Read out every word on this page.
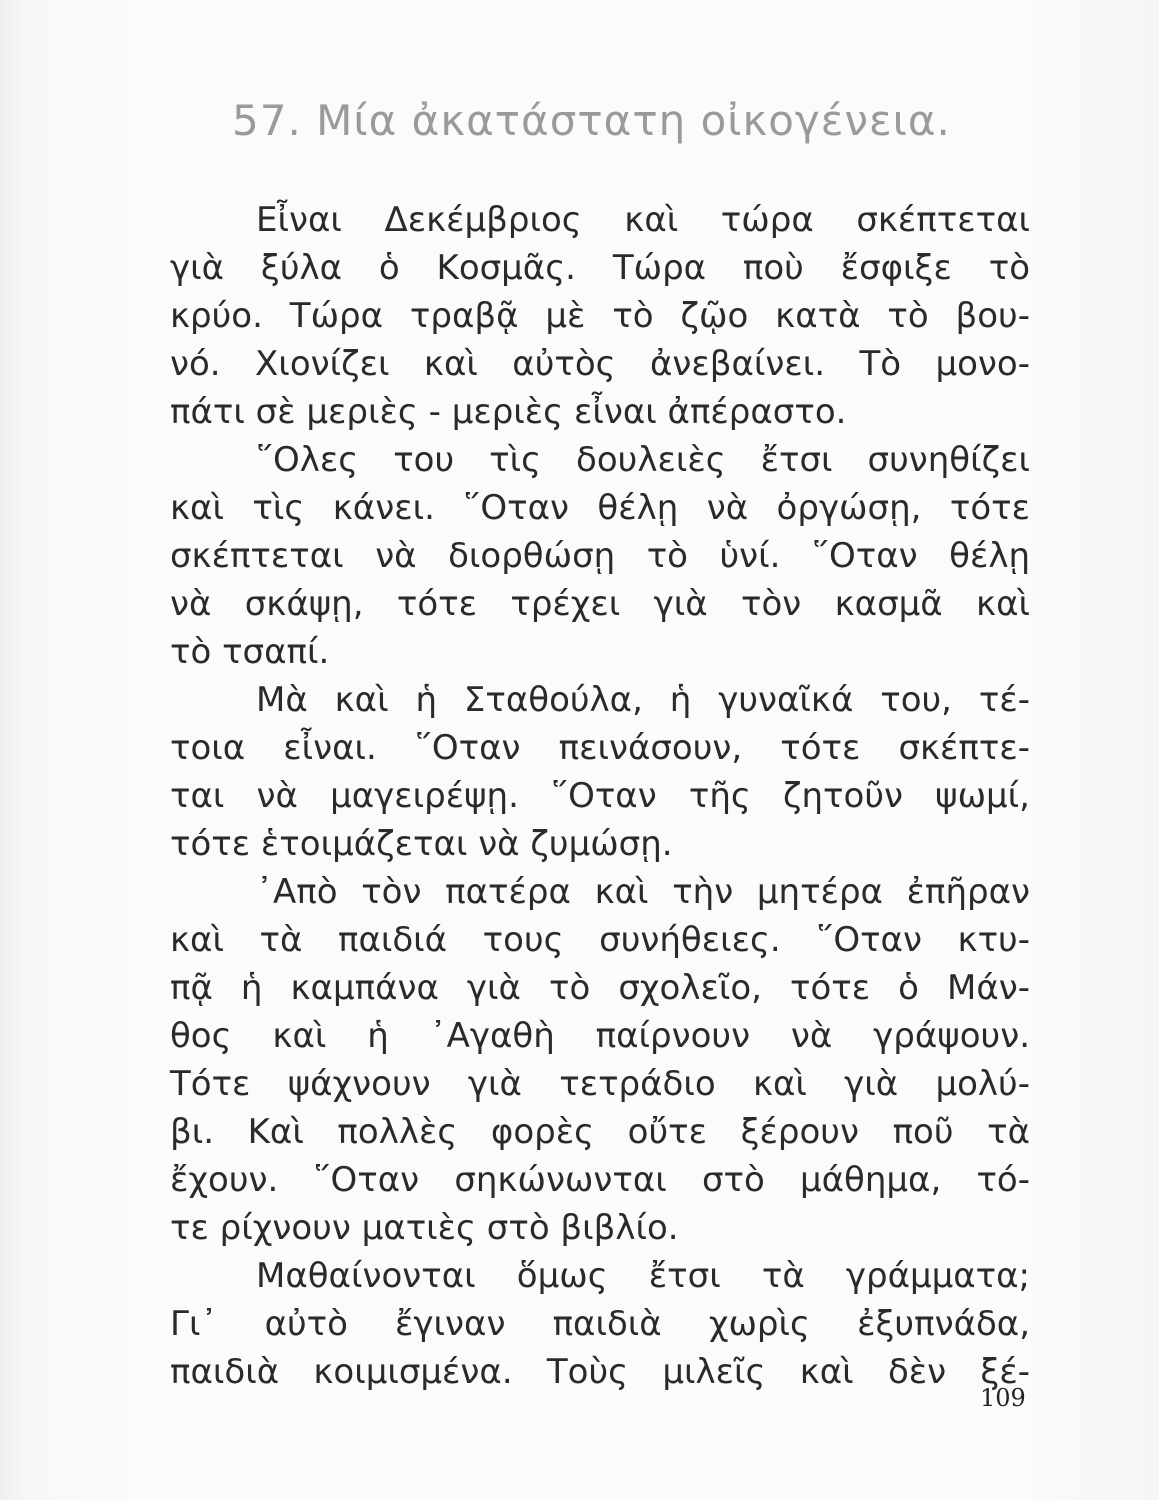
57. Μία ἀκατάστατη οἰκογένεια.

Εἶναι Δεκέμβριος καὶ τώρα σκέπτεται
γιὰ ξύλα ὁ Κοσμᾶς. Τώρα ποὺ ἔσφιξε τὸ
κρύο. Τώρα τραβᾷ μὲ τὸ ζῷο κατὰ τὸ βου-
νό. Χιονίζει καὶ αὐτὸς ἀνεβαίνει. Τὸ μονο-
πάτι σὲ μεριὲς - μεριὲς εἶναι ἀπέραστο.

῞Ολες του τὶς δουλειὲς ἔτσι συνηθίζει
καὶ τὶς κάνει. ῞Οταν θέλῃ νὰ ὀργώσῃ, τότε
σκέπτεται νὰ διορθώσῃ τὸ ὑνί. ῞Οταν θέλῃ
νὰ σκάψῃ, τότε τρέχει γιὰ τὸν κασμᾶ καὶ
τὸ τσαπί.

Μὰ καὶ ἡ Σταθούλα, ἡ γυναῖκά του, τέ-
τοια εἶναι. ῞Οταν πεινάσουν, τότε σκέπτε-
ται νὰ μαγειρέψῃ. ῞Οταν τῆς ζητοῦν ψωμί,
τότε ἑτοιμάζεται νὰ ζυμώσῃ.

᾿Απὸ τὸν πατέρα καὶ τὴν μητέρα ἐπῆραν
καὶ τὰ παιδιά τους συνήθειες. ῞Οταν κτυ-
πᾷ ἡ καμπάνα γιὰ τὸ σχολεῖο, τότε ὁ Μάν-
θος καὶ ἡ ᾿Αγαθὴ παίρνουν νὰ γράψουν.
Τότε ψάχνουν γιὰ τετράδιο καὶ γιὰ μολύ-
βι. Καὶ πολλὲς φορὲς οὔτε ξέρουν ποῦ τὰ
ἔχουν. ῞Οταν σηκώνωνται στὸ μάθημα, τό-
τε ρίχνουν ματιὲς στὸ βιβλίο.

Μαθαίνονται ὅμως ἔτσι τὰ γράμματα;
Γι᾿ αὐτὸ ἔγιναν παιδιὰ χωρὶς ἐξυπνάδα,
παιδιὰ κοιμισμένα. Τοὺς μιλεῖς καὶ δὲν ξέ-

109
